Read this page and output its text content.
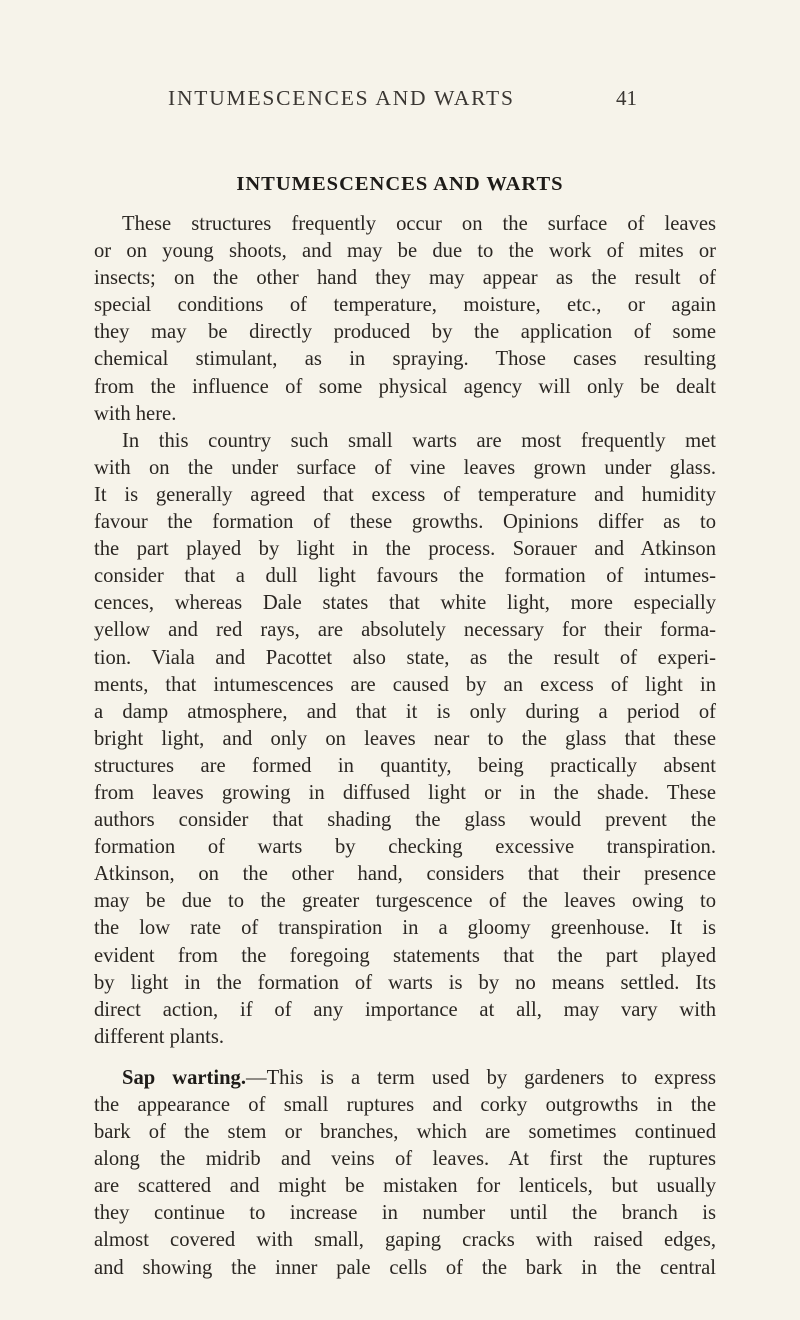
INTUMESCENCES AND WARTS	41
INTUMESCENCES AND WARTS
These structures frequently occur on the surface of leaves
or on young shoots, and may be due to the work of mites or
insects; on the other hand they may appear as the result of
special conditions of temperature, moisture, etc., or again
they may be directly produced by the application of some
chemical stimulant, as in spraying. Those cases resulting
from the influence of some physical agency will only be dealt
with here.
In this country such small warts are most frequently met
with on the under surface of vine leaves grown under glass.
It is generally agreed that excess of temperature and humidity
favour the formation of these growths. Opinions differ as to
the part played by light in the process. Sorauer and Atkinson
consider that a dull light favours the formation of intumes-
cences, whereas Dale states that white light, more especially
yellow and red rays, are absolutely necessary for their forma-
tion. Viala and Pacottet also state, as the result of experi-
ments, that intumescences are caused by an excess of light in
a damp atmosphere, and that it is only during a period of
bright light, and only on leaves near to the glass that these
structures are formed in quantity, being practically absent
from leaves growing in diffused light or in the shade. These
authors consider that shading the glass would prevent the
formation of warts by checking excessive transpiration.
Atkinson, on the other hand, considers that their presence
may be due to the greater turgescence of the leaves owing to
the low rate of transpiration in a gloomy greenhouse. It is
evident from the foregoing statements that the part played
by light in the formation of warts is by no means settled. Its
direct action, if of any importance at all, may vary with
different plants.
Sap warting.—This is a term used by gardeners to express
the appearance of small ruptures and corky outgrowths in the
bark of the stem or branches, which are sometimes continued
along the midrib and veins of leaves. At first the ruptures
are scattered and might be mistaken for lenticels, but usually
they continue to increase in number until the branch is
almost covered with small, gaping cracks with raised edges,
and showing the inner pale cells of the bark in the central
